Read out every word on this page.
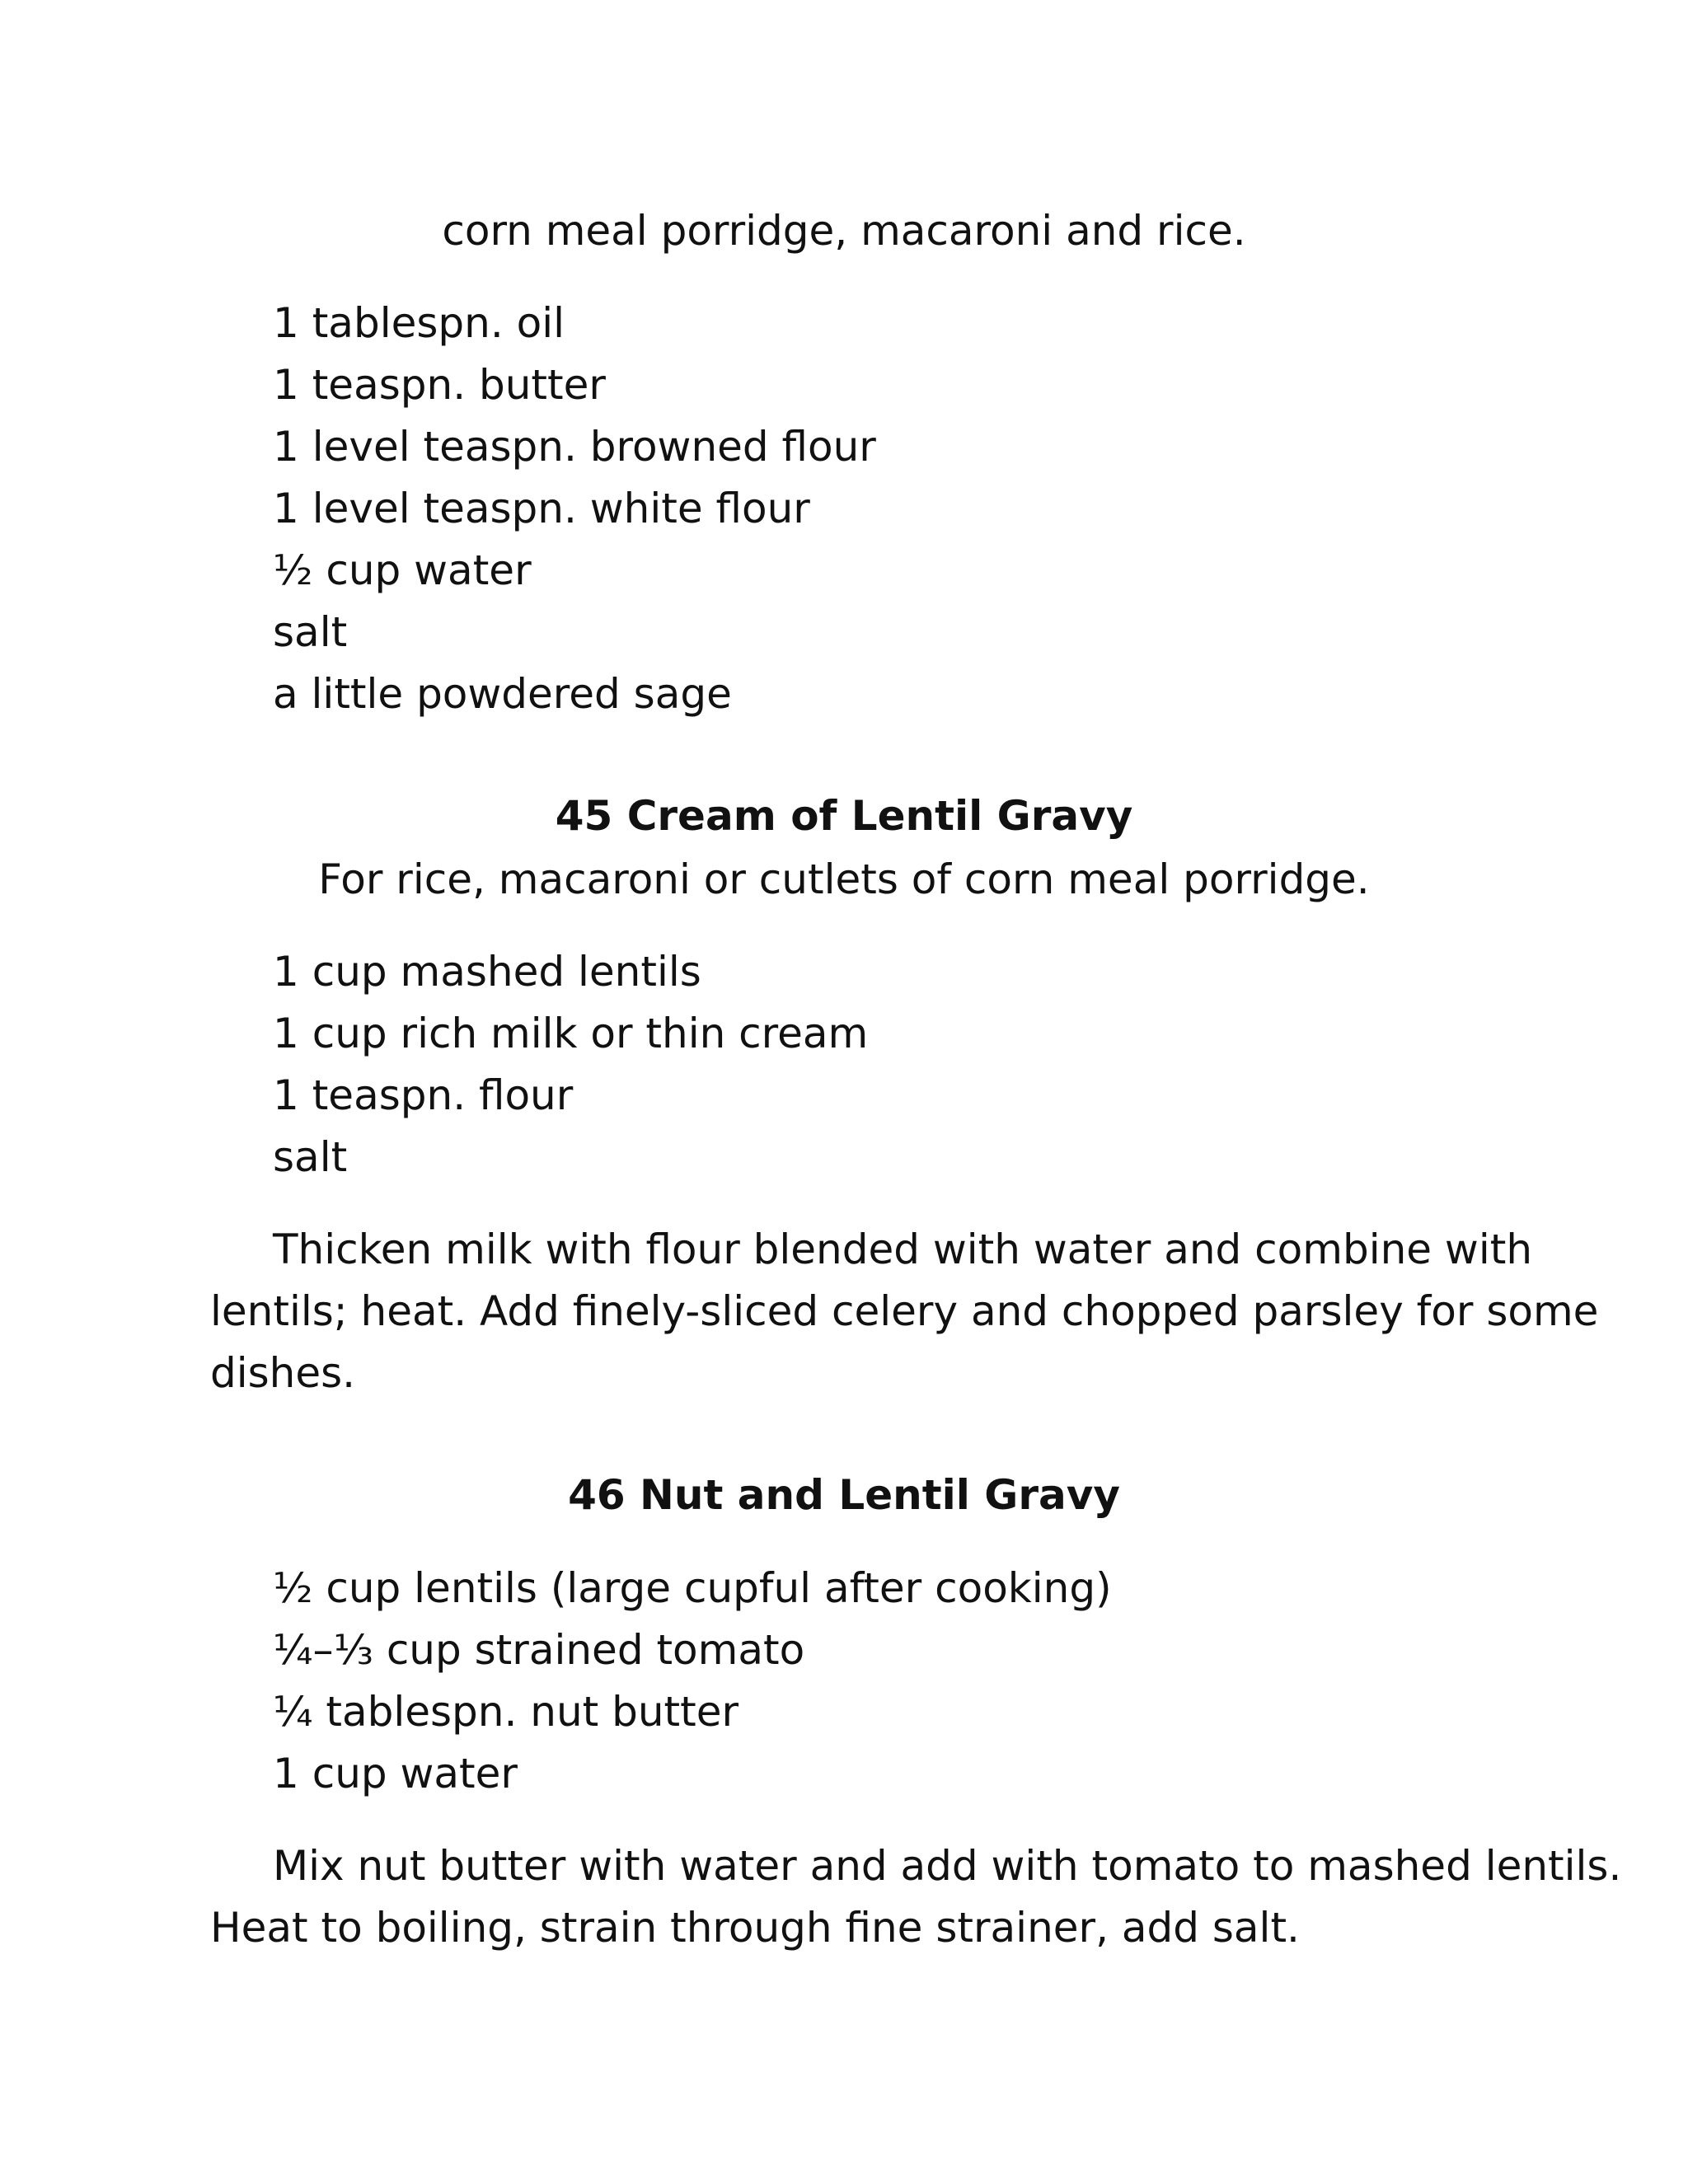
corn meal porridge, macaroni and rice.

1 tablespn. oil

1 teaspn. butter

1 level teaspn. browned flour

1 level teaspn. white flour

½ cup water

salt

a little powdered sage

45 Cream of Lentil Gravy

For rice, macaroni or cutlets of corn meal porridge.

1 cup mashed lentils

1 cup rich milk or thin cream

1 teaspn. flour

salt

Thicken milk with flour blended with water and combine with

lentils; heat. Add finely-sliced celery and chopped parsley for some

dishes.

46 Nut and Lentil Gravy

½ cup lentils (large cupful after cooking)

¼–⅓ cup strained tomato

¼ tablespn. nut butter

1 cup water

Mix nut butter with water and add with tomato to mashed lentils.

Heat to boiling, strain through fine strainer, add salt.
